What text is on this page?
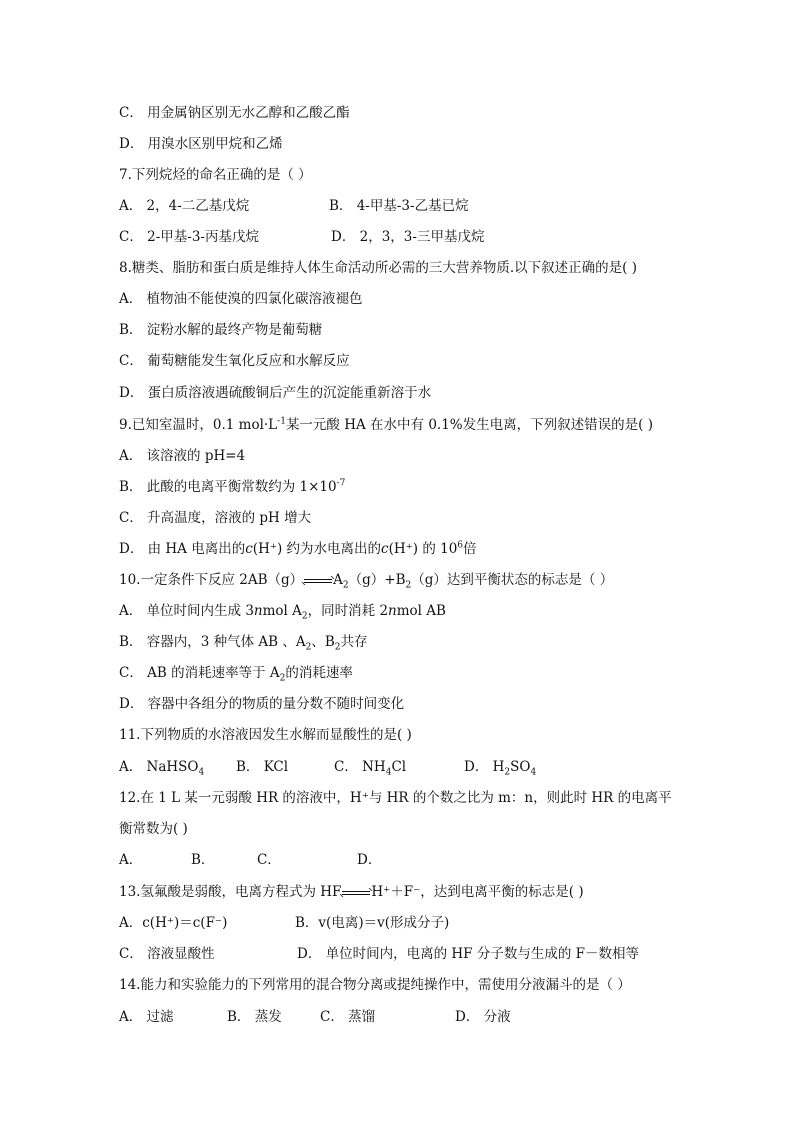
C． 用金属钠区别无水乙醇和乙酸乙酯
D． 用溴水区别甲烷和乙烯
7.下列烷烃的命名正确的是（ ）
A． 2，4-二乙基戊烷	B． 4-甲基-3-乙基已烷
C． 2-甲基-3-丙基戊烷	D． 2，3，3-三甲基戊烷
8.糖类、脂肪和蛋白质是维持人体生命活动所必需的三大营养物质.以下叙述正确的是( )
A． 植物油不能使溴的四氯化碳溶液褪色
B． 淀粉水解的最终产物是葡萄糖
C． 葡萄糖能发生氧化反应和水解反应
D． 蛋白质溶液遇硫酸铜后产生的沉淀能重新溶于水
9.已知室温时，0.1 $mol\cdot L^{-1}$某一元酸 HA 在水中有 0.1%发生电离，下列叙述错误的是( )
A． 该溶液的 pH=4
B． 此酸的电离平衡常数约为 $1\times 10^{-7}$
C． 升高温度，溶液的 pH 增大
D． 由 HA 电离出的c(H⁺) 约为水电离出的c(H⁺) 的 $10^6$倍
10.一定条件下反应 2AB（g） $A_2(g)+B_2(g)$达到平衡状态的标志是（ ）
A． 单位时间内生成 3nmol $A_2$，同时消耗 2nmol AB
B． 容器内，3 种气体 AB 、$A_2$、$B_2$共存
C． AB 的消耗速率等于 $A_2$的消耗速率
D． 容器中各组分的物质的量分数不随时间变化
11.下列物质的水溶液因发生水解而显酸性的是( )
A． NaHSO$_4$ B． KCl	C． $NH_4Cl$	D． $H_2SO_4$
12.在 1 L 某一元弱酸 HR 的溶液中，H⁺与 HR 的个数之比为 m：n，则此时 HR 的电离平
衡常数为( )
A．	B．	C．	D．
13.氢氟酸是弱酸，电离方程式为 HF H⁺＋F⁻，达到电离平衡的标志是( )
A．c(H⁺)＝c(F⁻)	B．v(电离)＝v(形成分子)
C． 溶液显酸性	D． 单位时间内，电离的 HF 分子数与生成的 F－数相等
14.能力和实验能力的下列常用的混合物分离或提纯操作中，需使用分液漏斗的是（ ）
A． 过滤	B． 蒸发	C． 蒸馏	D． 分液
